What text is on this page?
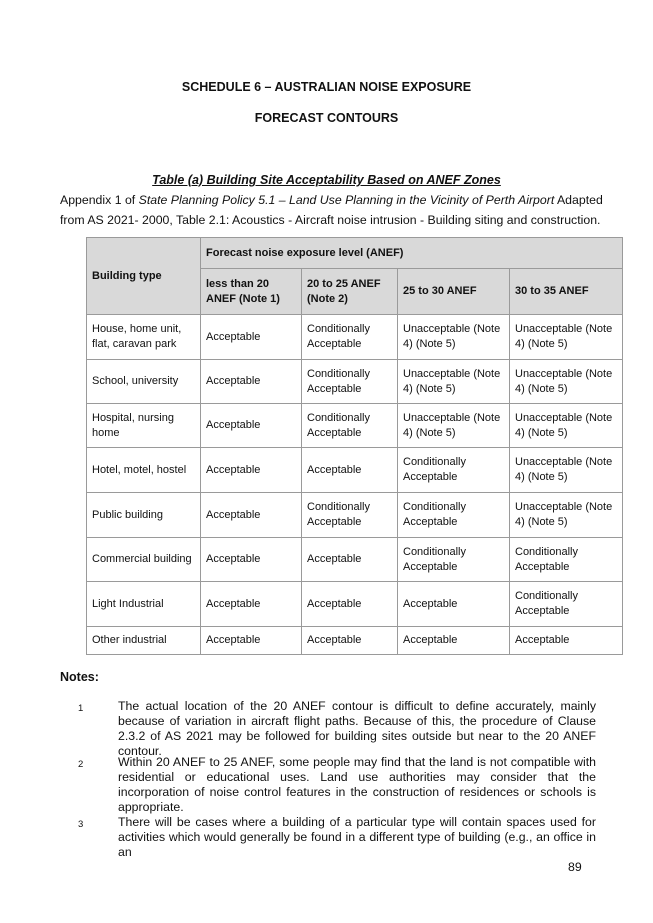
SCHEDULE 6 – AUSTRALIAN NOISE EXPOSURE
FORECAST CONTOURS
Table (a) Building Site Acceptability Based on ANEF Zones
Appendix 1 of State Planning Policy 5.1 – Land Use Planning in the Vicinity of Perth Airport Adapted from AS 2021- 2000, Table 2.1: Acoustics - Aircraft noise intrusion - Building siting and construction.
Building type	Forecast noise exposure level (ANEF)			
	less than 20 ANEF (Note 1)	20 to 25 ANEF (Note 2)	25 to 30 ANEF	30 to 35 ANEF
House, home unit, flat, caravan park	Acceptable	Conditionally Acceptable	Unacceptable (Note 4) (Note 5)	Unacceptable (Note 4) (Note 5)
School, university	Acceptable	Conditionally Acceptable	Unacceptable (Note 4) (Note 5)	Unacceptable (Note 4) (Note 5)
Hospital, nursing home	Acceptable	Conditionally Acceptable	Unacceptable (Note 4) (Note 5)	Unacceptable (Note 4) (Note 5)
Hotel, motel, hostel	Acceptable	Acceptable	Conditionally Acceptable	Unacceptable (Note 4) (Note 5)
Public building	Acceptable	Conditionally Acceptable	Conditionally Acceptable	Unacceptable (Note 4) (Note 5)
Commercial building	Acceptable	Acceptable	Conditionally Acceptable	Conditionally Acceptable
Light Industrial	Acceptable	Acceptable	Acceptable	Conditionally Acceptable
Other industrial	Acceptable	Acceptable	Acceptable	Acceptable
Notes:
1	The actual location of the 20 ANEF contour is difficult to define accurately, mainly because of variation in aircraft flight paths. Because of this, the procedure of Clause 2.3.2 of AS 2021 may be followed for building sites outside but near to the 20 ANEF contour.
2	Within 20 ANEF to 25 ANEF, some people may find that the land is not compatible with residential or educational uses. Land use authorities may consider that the incorporation of noise control features in the construction of residences or schools is appropriate.
3	There will be cases where a building of a particular type will contain spaces used for activities which would generally be found in a different type of building (e.g., an office in an
89
